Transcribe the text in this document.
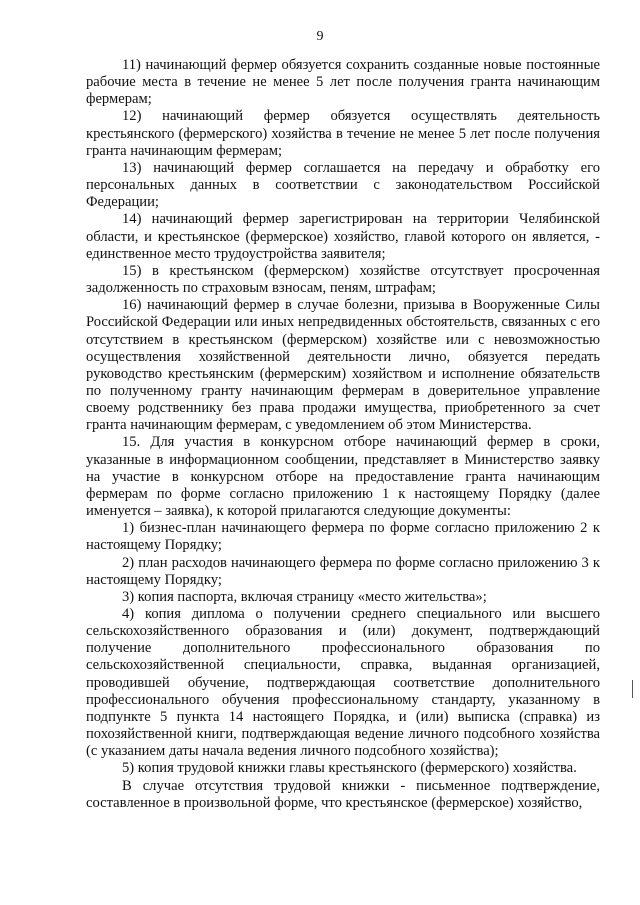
9

11) начинающий фермер обязуется сохранить созданные новые постоянные рабочие места в течение не менее 5 лет после получения гранта начинающим фермерам;

12) начинающий фермер обязуется осуществлять деятельность крестьянского (фермерского) хозяйства в течение не менее 5 лет после получения гранта начинающим фермерам;

13) начинающий фермер соглашается на передачу и обработку его персональных данных в соответствии с законодательством Российской Федерации;

14) начинающий фермер зарегистрирован на территории Челябинской области, и крестьянское (фермерское) хозяйство, главой которого он является, - единственное место трудоустройства заявителя;

15) в крестьянском (фермерском) хозяйстве отсутствует просроченная задолженность по страховым взносам, пеням, штрафам;

16) начинающий фермер в случае болезни, призыва в Вооруженные Силы Российской Федерации или иных непредвиденных обстоятельств, связанных с его отсутствием в крестьянском (фермерском) хозяйстве или с невозможностью осуществления хозяйственной деятельности лично, обязуется передать руководство крестьянским (фермерским) хозяйством и исполнение обязательств по полученному гранту начинающим фермерам в доверительное управление своему родственнику без права продажи имущества, приобретенного за счет гранта начинающим фермерам, с уведомлением об этом Министерства.

15. Для участия в конкурсном отборе начинающий фермер в сроки, указанные в информационном сообщении, представляет в Министерство заявку на участие в конкурсном отборе на предоставление гранта начинающим фермерам по форме согласно приложению 1 к настоящему Порядку (далее именуется – заявка), к которой прилагаются следующие документы:

1) бизнес-план начинающего фермера по форме согласно приложению 2 к настоящему Порядку;

2) план расходов начинающего фермера по форме согласно приложению 3 к настоящему Порядку;

3) копия паспорта, включая страницу «место жительства»;

4) копия диплома о получении среднего специального или высшего сельскохозяйственного образования и (или) документ, подтверждающий получение дополнительного профессионального образования по сельскохозяйственной специальности, справка, выданная организацией, проводившей обучение, подтверждающая соответствие дополнительного профессионального обучения профессиональному стандарту, указанному в подпункте 5 пункта 14 настоящего Порядка, и (или) выписка (справка) из похозяйственной книги, подтверждающая ведение личного подсобного хозяйства (с указанием даты начала ведения личного подсобного хозяйства);

5) копия трудовой книжки главы крестьянского (фермерского) хозяйства.

В случае отсутствия трудовой книжки - письменное подтверждение, составленное в произвольной форме, что крестьянское (фермерское) хозяйство,
